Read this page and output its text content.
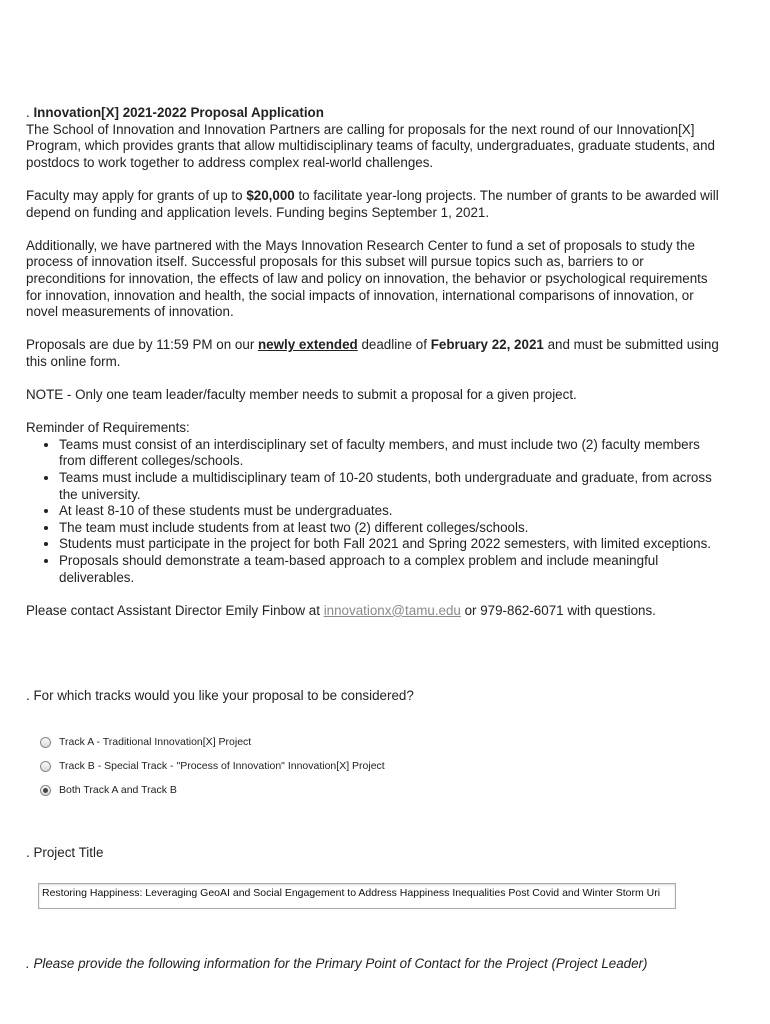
. Innovation[X] 2021-2022 Proposal Application
The School of Innovation and Innovation Partners are calling for proposals for the next round of our Innovation[X] Program, which provides grants that allow multidisciplinary teams of faculty, undergraduates, graduate students, and postdocs to work together to address complex real-world challenges.

Faculty may apply for grants of up to $20,000 to facilitate year-long projects. The number of grants to be awarded will depend on funding and application levels. Funding begins September 1, 2021.

Additionally, we have partnered with the Mays Innovation Research Center to fund a set of proposals to study the process of innovation itself. Successful proposals for this subset will pursue topics such as, barriers to or preconditions for innovation, the effects of law and policy on innovation, the behavior or psychological requirements for innovation, innovation and health, the social impacts of innovation, international comparisons of innovation, or novel measurements of innovation.

Proposals are due by 11:59 PM on our newly extended deadline of February 22, 2021 and must be submitted using this online form.

NOTE - Only one team leader/faculty member needs to submit a proposal for a given project.

Reminder of Requirements:
• Teams must consist of an interdisciplinary set of faculty members, and must include two (2) faculty members from different colleges/schools.
• Teams must include a multidisciplinary team of 10-20 students, both undergraduate and graduate, from across the university.
• At least 8-10 of these students must be undergraduates.
• The team must include students from at least two (2) different colleges/schools.
• Students must participate in the project for both Fall 2021 and Spring 2022 semesters, with limited exceptions.
• Proposals should demonstrate a team-based approach to a complex problem and include meaningful deliverables.

Please contact Assistant Director Emily Finbow at innovationx@tamu.edu or 979-862-6071 with questions.

. For which tracks would you like your proposal to be considered?
Track A - Traditional Innovation[X] Project
Track B - Special Track - "Process of Innovation" Innovation[X] Project
Both Track A and Track B
. Project Title
Restoring Happiness: Leveraging GeoAI and Social Engagement to Address Happiness Inequalities Post Covid and Winter Storm Uri
. Please provide the following information for the Primary Point of Contact for the Project (Project Leader)
